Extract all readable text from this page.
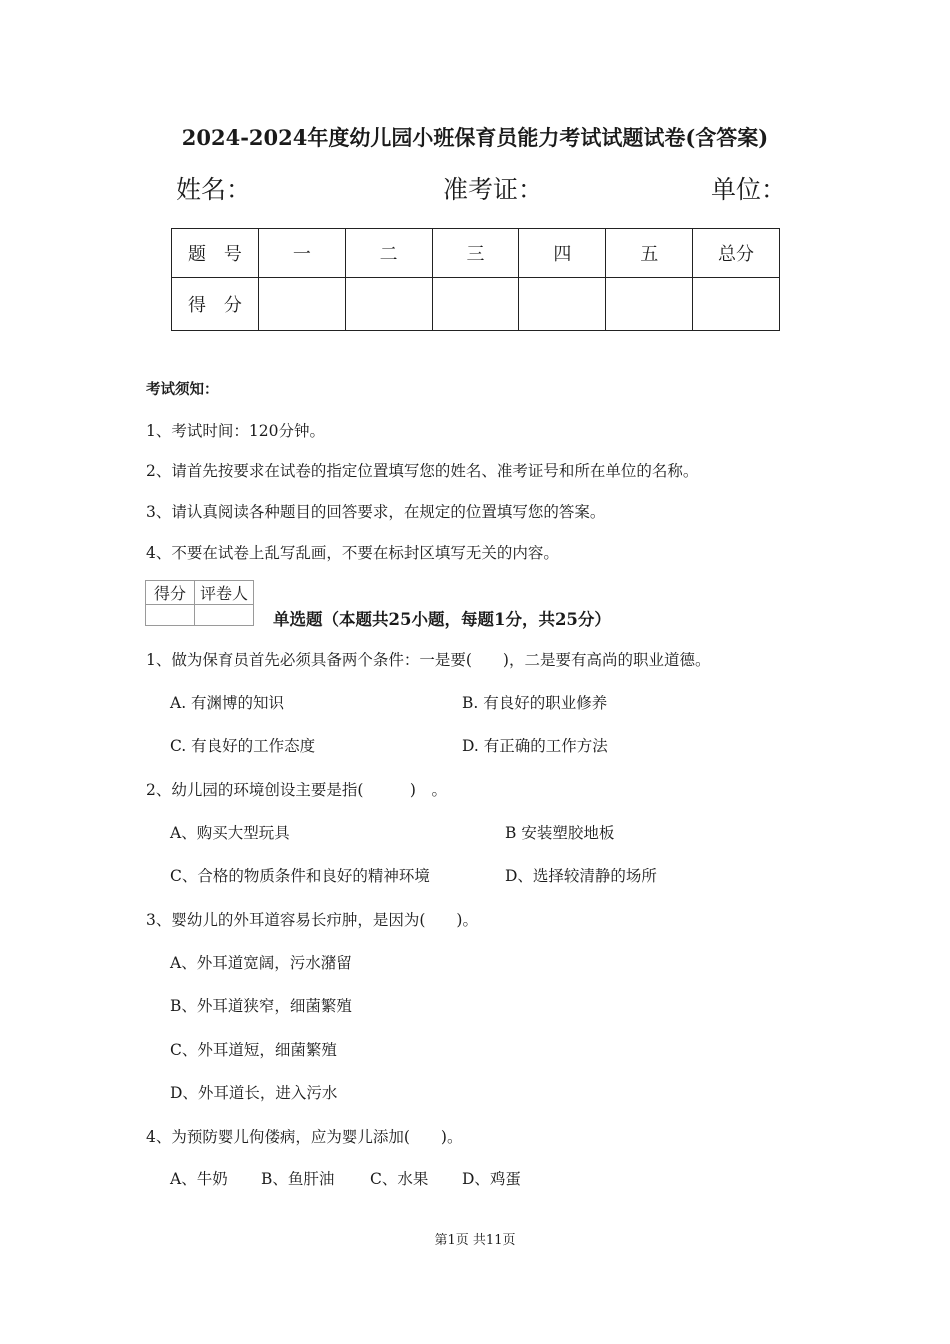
2024-2024年度幼儿园小班保育员能力考试试题试卷(含答案)
姓名：	准考证：	单位：
题　号	一	二	三	四	五	总分
得　分						
考试须知：
1、考试时间：120分钟。
2、请首先按要求在试卷的指定位置填写您的姓名、准考证号和所在单位的名称。
3、请认真阅读各种题目的回答要求，在规定的位置填写您的答案。
4、不要在试卷上乱写乱画，不要在标封区填写无关的内容。
得分	评卷人

单选题（本题共25小题，每题1分，共25分）
1、做为保育员首先必须具备两个条件：一是要(　　)，二是要有高尚的职业道德。
A. 有渊博的知识	B. 有良好的职业修养
C. 有良好的工作态度	D. 有正确的工作方法
2、幼儿园的环境创设主要是指(　　　)　。
A、购买大型玩具	B 安装塑胶地板
C、合格的物质条件和良好的精神环境	D、选择较清静的场所
3、婴幼儿的外耳道容易长疖肿，是因为(　　)。
A、外耳道宽阔，污水潴留
B、外耳道狭窄，细菌繁殖
C、外耳道短，细菌繁殖
D、外耳道长，进入污水
4、为预防婴儿佝偻病，应为婴儿添加(　　)。
A、牛奶 B、鱼肝油 C、水果 D、鸡蛋
第1页 共11页
